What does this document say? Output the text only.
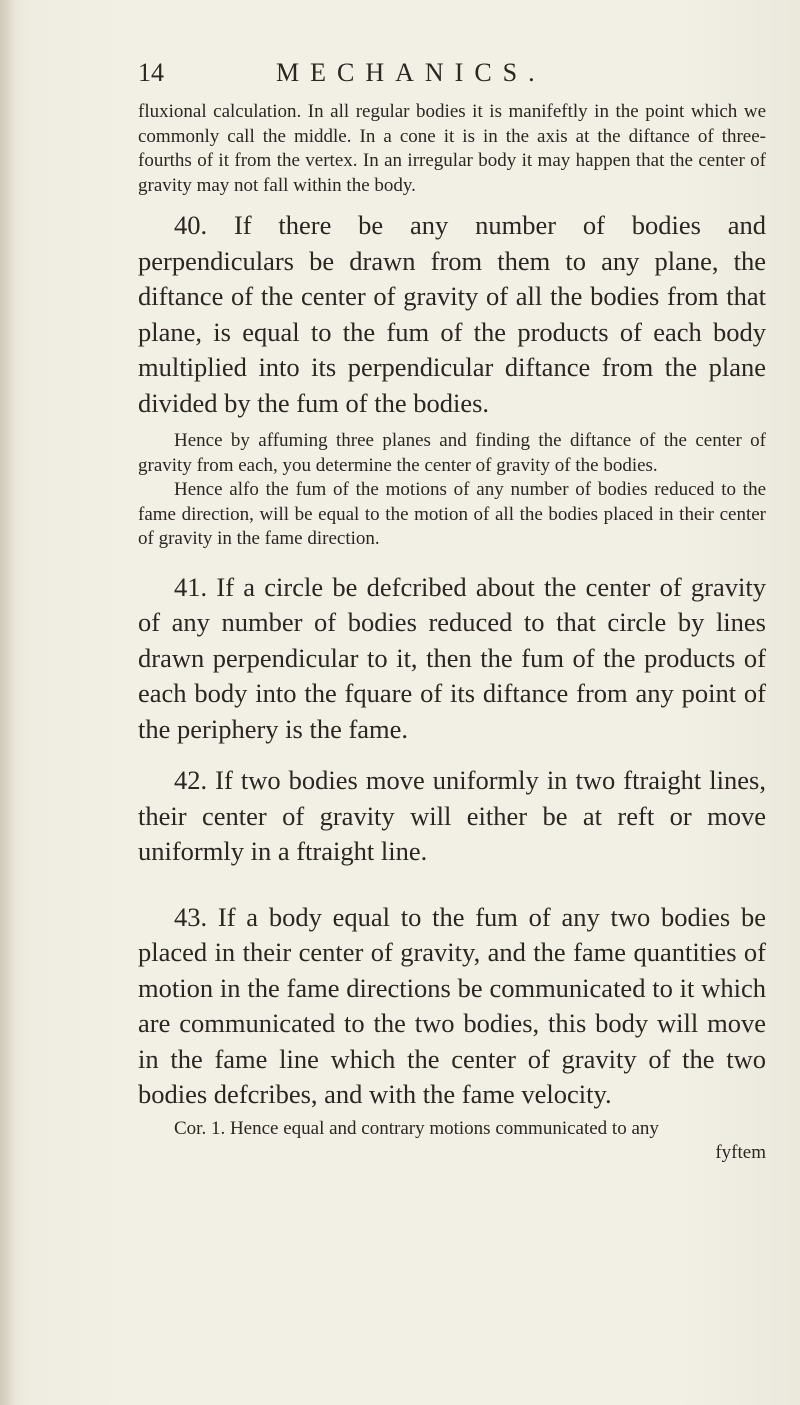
14	MECHANICS.

fluxional calculation. In all regular bodies it is manifeftly in the point which we commonly call the middle. In a cone it is in the axis at the diftance of three-fourths of it from the vertex. In an irregular body it may happen that the center of gravity may not fall within the body.

40. If there be any number of bodies and perpendiculars be drawn from them to any plane, the diftance of the center of gravity of all the bodies from that plane, is equal to the fum of the products of each body multiplied into its perpendicular diftance from the plane divided by the fum of the bodies.

Hence by affuming three planes and finding the diftance of the center of gravity from each, you determine the center of gravity of the bodies.

Hence alfo the fum of the motions of any number of bodies reduced to the fame direction, will be equal to the motion of all the bodies placed in their center of gravity in the fame direction.

41. If a circle be defcribed about the center of gravity of any number of bodies reduced to that circle by lines drawn perpendicular to it, then the fum of the products of each body into the fquare of its diftance from any point of the periphery is the fame.

42. If two bodies move uniformly in two ftraight lines, their center of gravity will either be at reft or move uniformly in a ftraight line.

43. If a body equal to the fum of any two bodies be placed in their center of gravity, and the fame quantities of motion in the fame directions be communicated to it which are communicated to the two bodies, this body will move in the fame line which the center of gravity of the two bodies defcribes, and with the fame velocity.

Cor. 1. Hence equal and contrary motions communicated to any

fyftem
